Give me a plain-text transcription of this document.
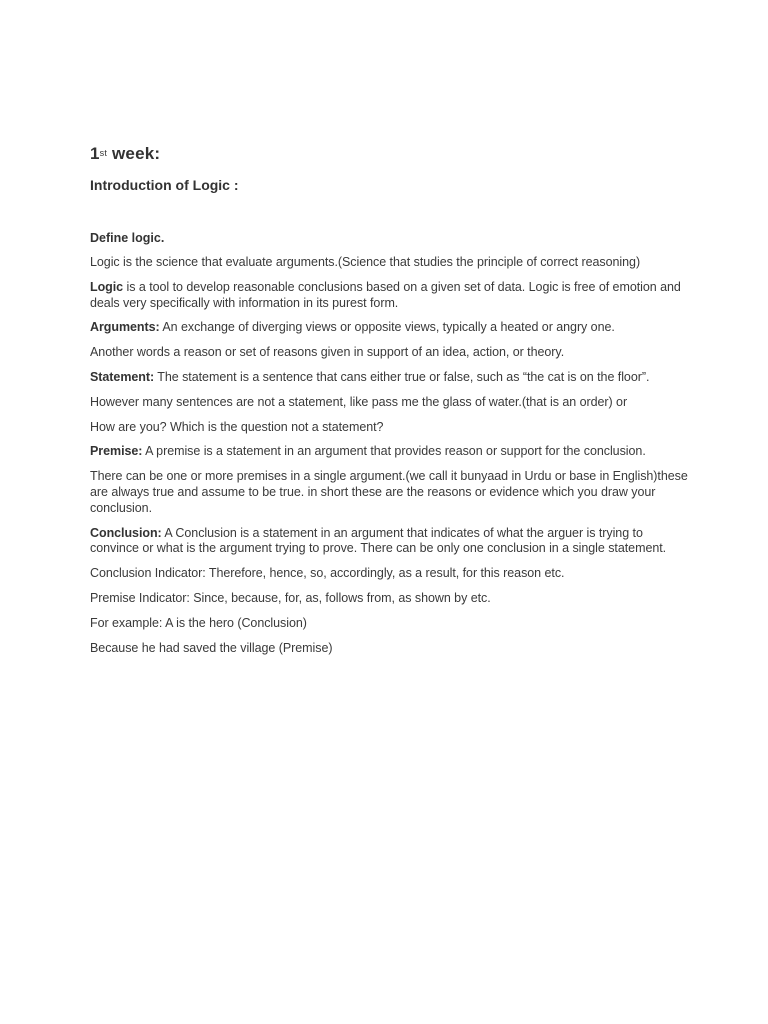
1st week:
Introduction of Logic :
Define logic.

Logic is the science that evaluate arguments.(Science that studies the principle of correct reasoning)

Logic is a tool to develop reasonable conclusions based on a given set of data. Logic is free of emotion and deals very specifically with information in its purest form.

Arguments: An exchange of diverging views or opposite views, typically a heated or angry one.

Another words a reason or set of reasons given in support of an idea, action, or theory.

Statement: The statement is a sentence that cans either true or false, such as “the cat is on the floor”.

However many sentences are not a statement, like pass me the glass of water.(that is an order) or

How are you? Which is the question not a statement?

Premise: A premise is a statement in an argument that provides reason or support for the conclusion.

There can be one or more premises in a single argument.(we call it bunyaad in Urdu or base in English)these are always true and assume to be true. in short these are the reasons or evidence which you draw your conclusion.

Conclusion: A Conclusion is a statement in an argument that indicates of what the arguer is trying to convince or what is the argument trying to prove. There can be only one conclusion in a single statement.

Conclusion Indicator: Therefore, hence, so, accordingly, as a result, for this reason etc.

Premise Indicator: Since, because, for, as, follows from, as shown by etc.

For example: A is the hero (Conclusion)

Because he had saved the village (Premise)
